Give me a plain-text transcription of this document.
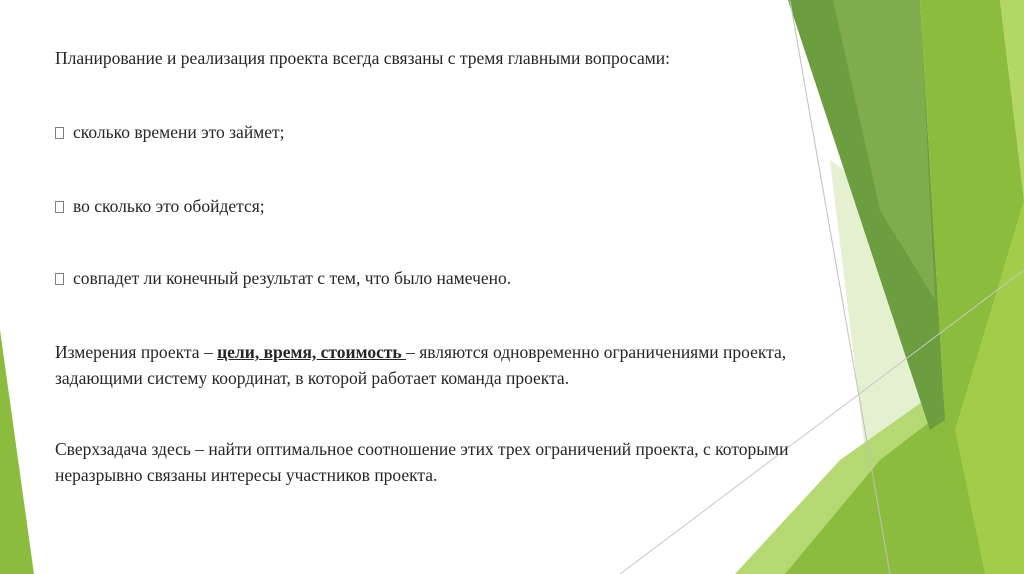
Планирование и реализация проекта всегда связаны с тремя главными вопросами:

сколько времени это займет;

во сколько это обойдется;

совпадет ли конечный результат с тем, что было намечено.

Измерения проекта – цели, время, стоимость – являются одновременно ограничениями проекта,
задающими систему координат, в которой работает команда проекта.

Сверхзадача здесь – найти оптимальное соотношение этих трех ограничений проекта, с которыми
неразрывно связаны интересы участников проекта.
